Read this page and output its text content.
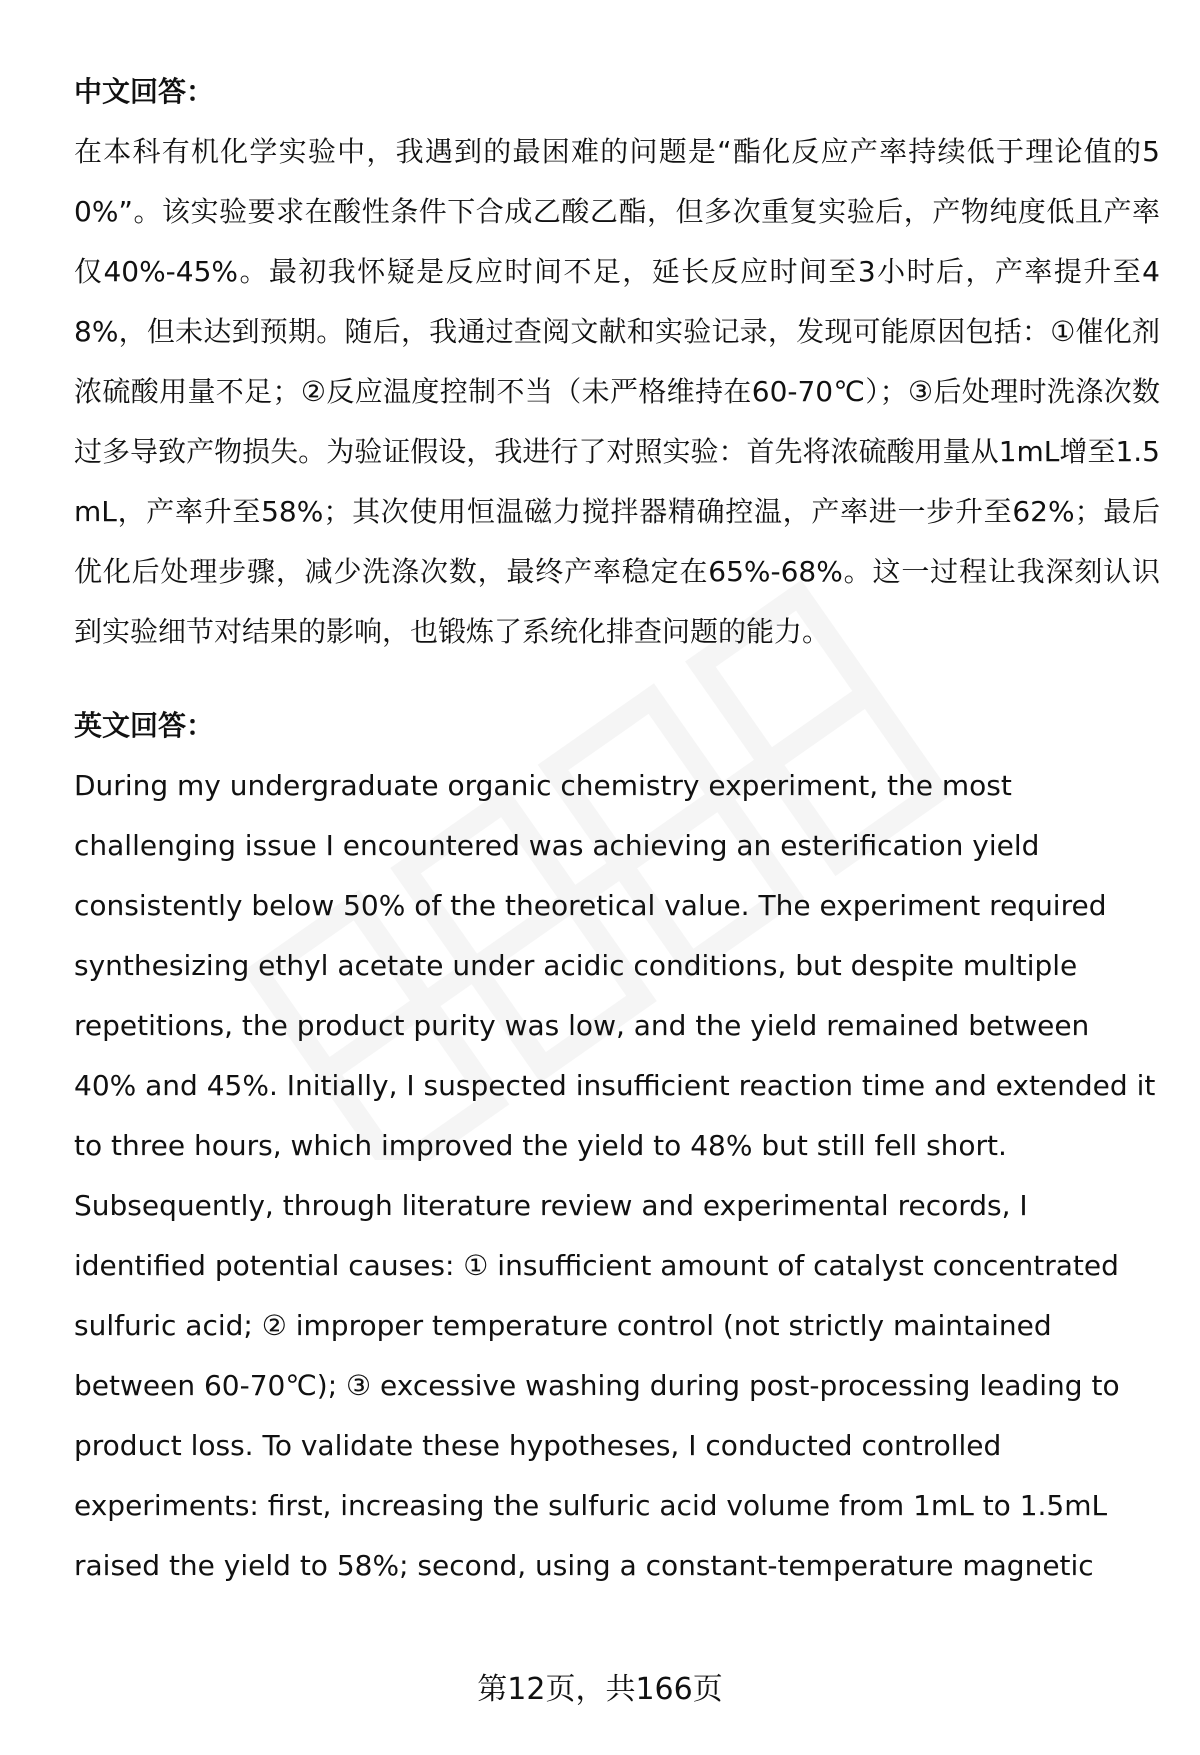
中文回答：

在本科有机化学实验中，我遇到的最困难的问题是“酯化反应产率持续低于理论值的50%”。该实验要求在酸性条件下合成乙酸乙酯，但多次重复实验后，产物纯度低且产率仅40%-45%。最初我怀疑是反应时间不足，延长反应时间至3小时后，产率提升至48%，但未达到预期。随后，我通过查阅文献和实验记录，发现可能原因包括：①催化剂浓硫酸用量不足；②反应温度控制不当（未严格维持在60-70℃）；③后处理时洗涤次数过多导致产物损失。为验证假设，我进行了对照实验：首先将浓硫酸用量从1mL增至1.5mL，产率升至58%；其次使用恒温磁力搅拌器精确控温，产率进一步升至62%；最后优化后处理步骤，减少洗涤次数，最终产率稳定在65%-68%。这一过程让我深刻认识到实验细节对结果的影响，也锻炼了系统化排查问题的能力。

英文回答：

During my undergraduate organic chemistry experiment, the most challenging issue I encountered was achieving an esterification yield consistently below 50% of the theoretical value. The experiment required synthesizing ethyl acetate under acidic conditions, but despite multiple repetitions, the product purity was low, and the yield remained between 40% and 45%. Initially, I suspected insufficient reaction time and extended it to three hours, which improved the yield to 48% but still fell short. Subsequently, through literature review and experimental records, I identified potential causes: ① insufficient amount of catalyst concentrated sulfuric acid; ② improper temperature control (not strictly maintained between 60-70℃); ③ excessive washing during post-processing leading to product loss. To validate these hypotheses, I conducted controlled experiments: first, increasing the sulfuric acid volume from 1mL to 1.5mL raised the yield to 58%; second, using a constant-temperature magnetic

第12页，共166页
